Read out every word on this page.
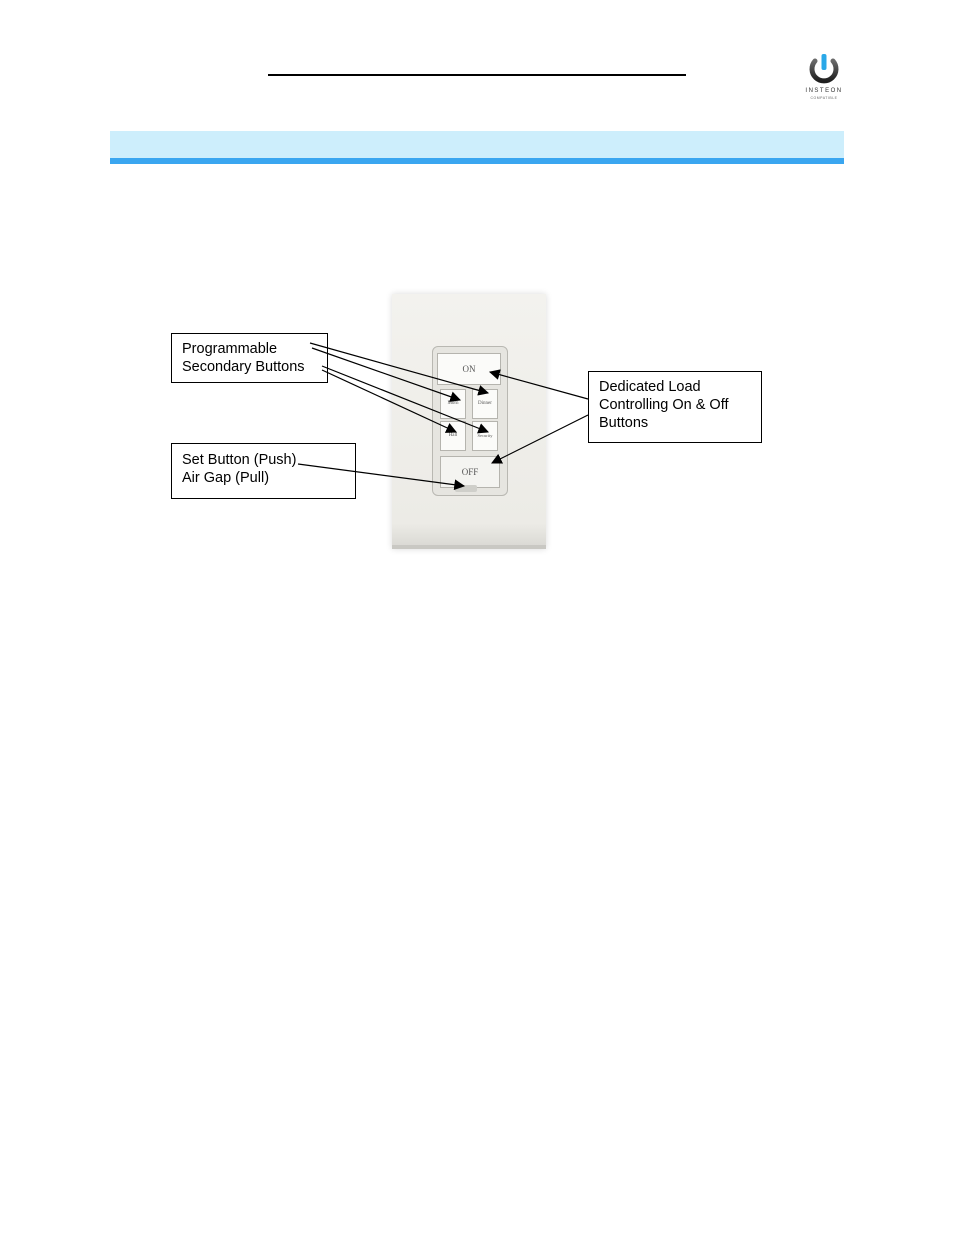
INSTEON
COMPATIBLE
ON
Morn	Dinner
Hall	Security
OFF
Programmable
Secondary Buttons
Set Button (Push)
Air Gap (Pull)
Dedicated Load
Controlling On & Off
Buttons
